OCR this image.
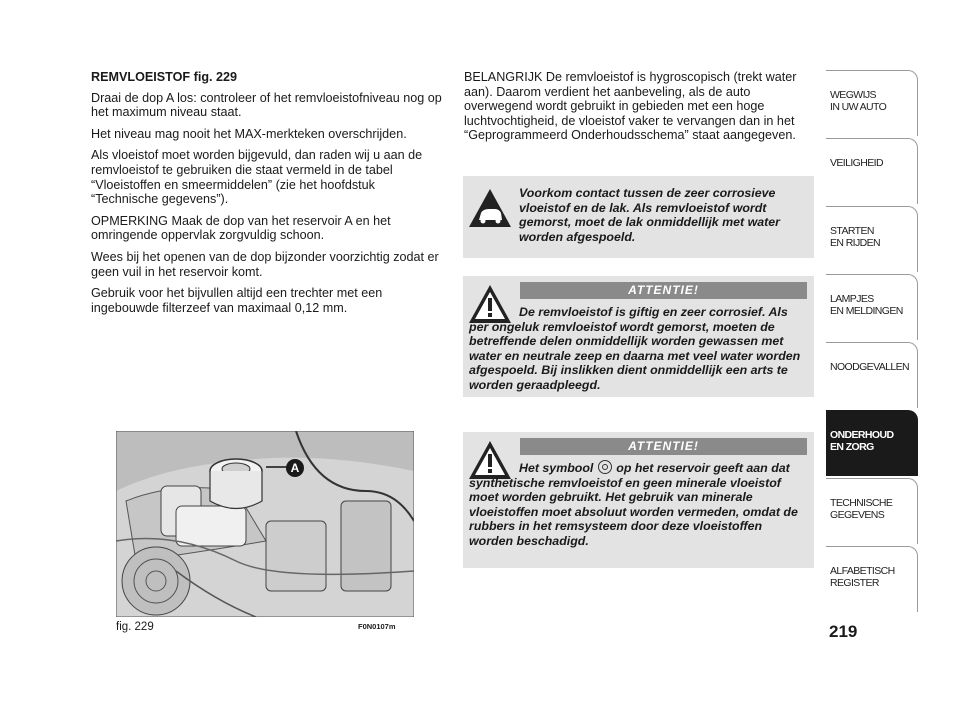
REMVLOEISTOF fig. 229

Draai de dop A los: controleer of het remvloeistofniveau nog op het maximum niveau staat.

Het niveau mag nooit het MAX-merkteken overschrijden.

Als vloeistof moet worden bijgevuld, dan raden wij u aan de remvloeistof te gebruiken die staat vermeld in de tabel “Vloeistoffen en smeermiddelen” (zie het hoofdstuk “Technische gegevens”).

OPMERKING Maak de dop van het reservoir A en het omringende oppervlak zorgvuldig schoon.

Wees bij het openen van de dop bijzonder voorzichtig zodat er geen vuil in het reservoir komt.

Gebruik voor het bijvullen altijd een trechter met een ingebouwde filterzeef van maximaal 0,12 mm.

A
fig. 229	F0N0107m
BELANGRIJK De remvloeistof is hygroscopisch (trekt water aan). Daarom verdient het aanbeveling, als de auto overwegend wordt gebruikt in gebieden met een hoge luchtvochtigheid, de vloeistof vaker te vervangen dan in het “Geprogrammeerd Onderhoudsschema” staat aangegeven.
Voorkom contact tussen de zeer corrosieve vloeistof en de lak. Als remvloeistof wordt gemorst, moet de lak onmiddellijk met water worden afgespoeld.
ATTENTIE!
De remvloeistof is giftig en zeer corrosief. Als per ongeluk remvloeistof wordt gemorst, moeten de betreffende delen onmiddellijk worden gewassen met water en neutrale zeep en daarna met veel water worden afgespoeld. Bij inslikken dient onmiddellijk een arts te worden geraadpleegd.
ATTENTIE!
Het symbool op het reservoir geeft aan dat synthetische remvloeistof en geen minerale vloeistof moet worden gebruikt. Het gebruik van minerale vloeistoffen moet absoluut worden vermeden, omdat de rubbers in het remsysteem door deze vloeistoffen worden beschadigd.
WEGWIJS
IN UW AUTO
VEILIGHEID
STARTEN
EN RIJDEN
LAMPJES
EN MELDINGEN
NOODGEVALLEN
ONDERHOUD
EN ZORG
TECHNISCHE
GEGEVENS
ALFABETISCH
REGISTER
219
